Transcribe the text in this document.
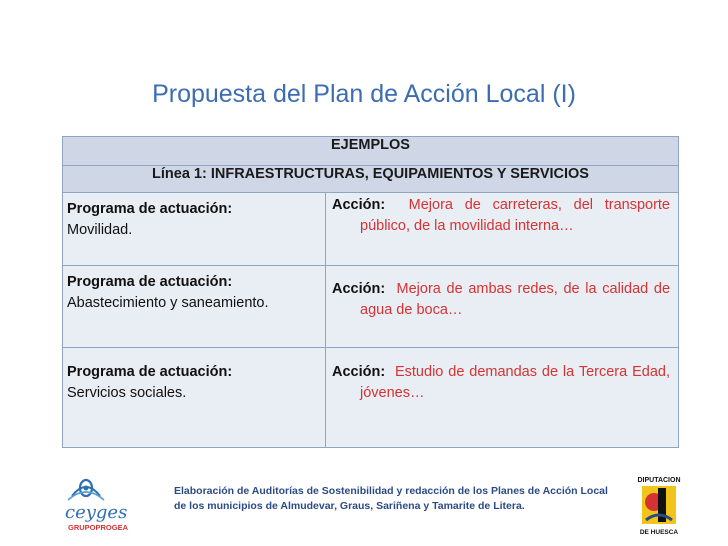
Propuesta del Plan de Acción Local (I)
EJEMPLOS	
Línea 1: INFRAESTRUCTURAS, EQUIPAMIENTOS Y SERVICIOS	
Programa de actuación:
Movilidad.	Acción: Mejora de carreteras, del transporte público, de la movilidad interna…

Programa de actuación:
Abastecimiento y saneamiento.	Acción: Mejora de ambas redes, de la calidad de agua de boca…

Programa de actuación:
Servicios sociales.	Acción: Estudio de demandas de la Tercera Edad, jóvenes…
ceyges
GRUPOPROGEA

Elaboración de Auditorías de Sostenibilidad y redacción de los Planes de Acción Local de los municipios de Almudevar, Graus, Sariñena y Tamarite de Litera.

DIPUTACION
DE HUESCA
